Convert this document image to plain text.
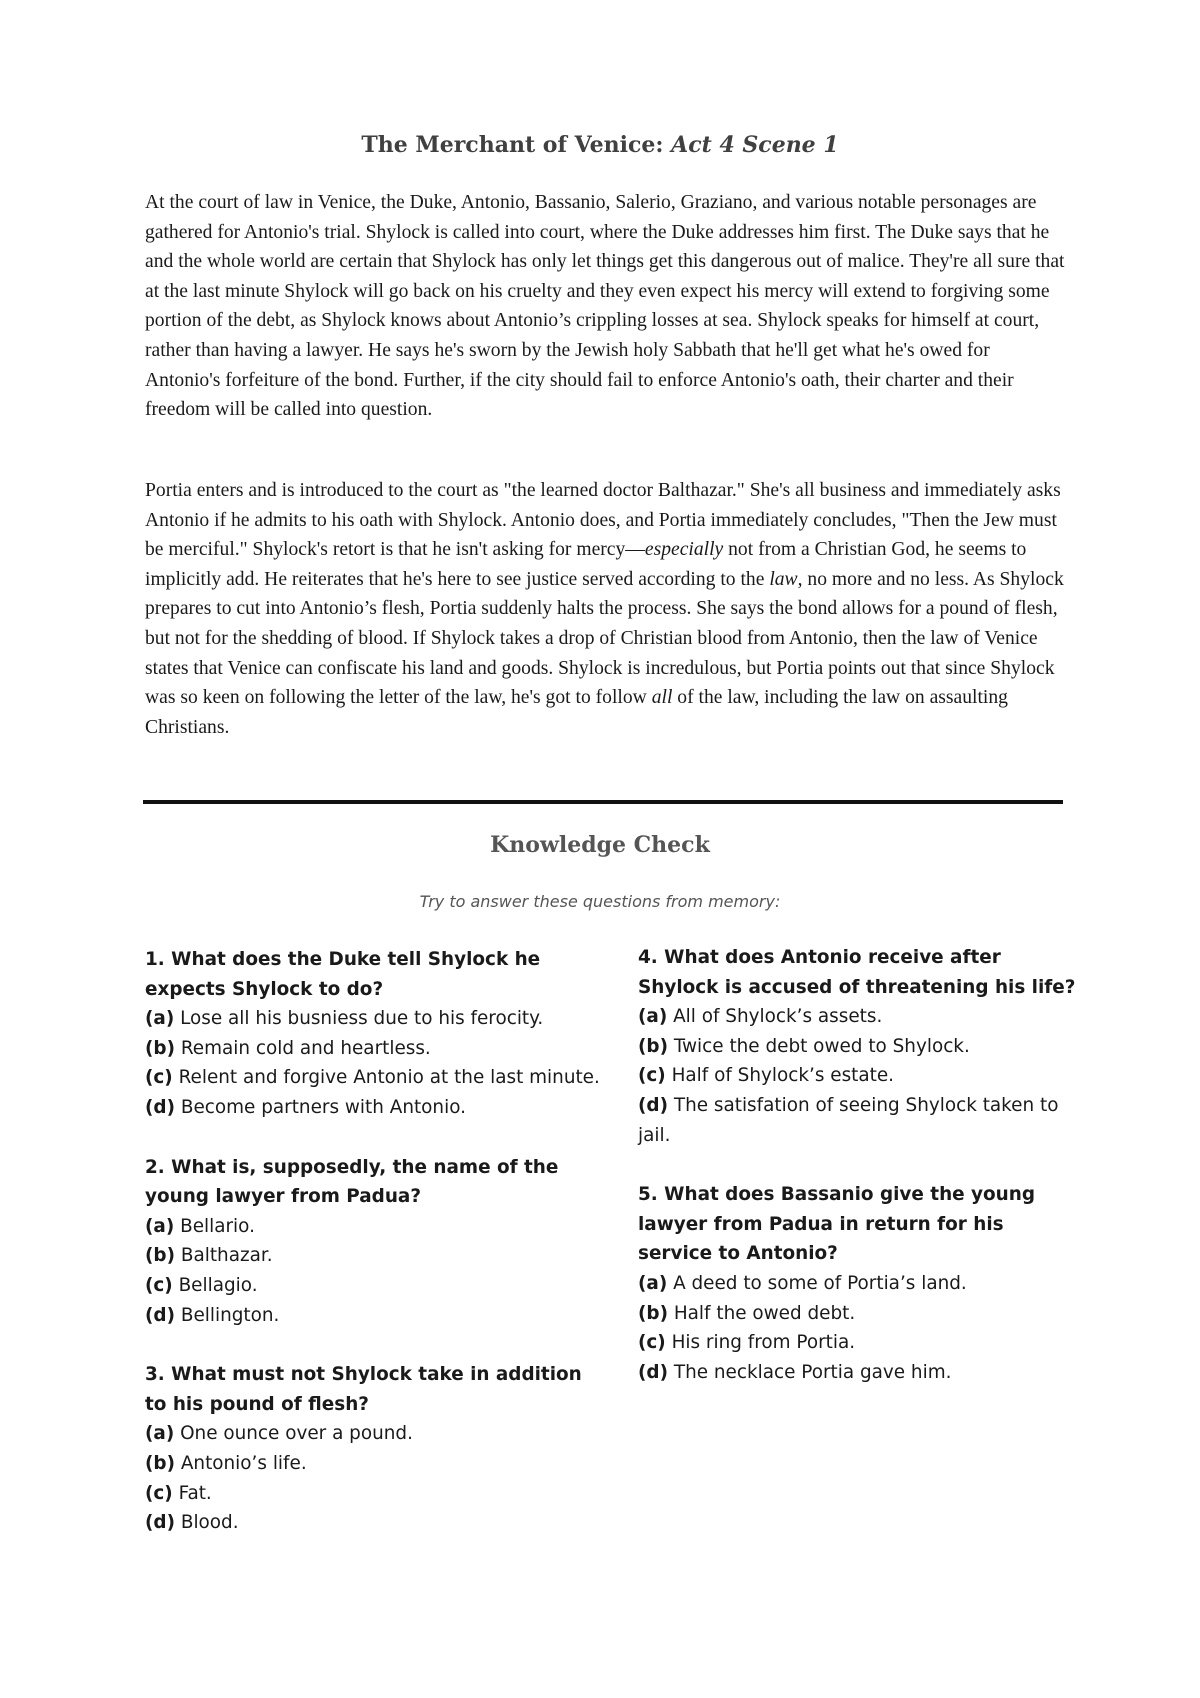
The Merchant of Venice: Act 4 Scene 1

At the court of law in Venice, the Duke, Antonio, Bassanio, Salerio, Graziano, and various notable personages are gathered for Antonio's trial. Shylock is called into court, where the Duke addresses him first. The Duke says that he and the whole world are certain that Shylock has only let things get this dangerous out of malice. They're all sure that at the last minute Shylock will go back on his cruelty and they even expect his mercy will extend to forgiving some portion of the debt, as Shylock knows about Antonio’s crippling losses at sea. Shylock speaks for himself at court, rather than having a lawyer. He says he's sworn by the Jewish holy Sabbath that he'll get what he's owed for Antonio's forfeiture of the bond. Further, if the city should fail to enforce Antonio's oath, their charter and their freedom will be called into question.

Portia enters and is introduced to the court as "the learned doctor Balthazar." She's all business and immediately asks Antonio if he admits to his oath with Shylock. Antonio does, and Portia immediately concludes, "Then the Jew must be merciful." Shylock's retort is that he isn't asking for mercy—especially not from a Christian God, he seems to implicitly add. He reiterates that he's here to see justice served according to the law, no more and no less. As Shylock prepares to cut into Antonio’s flesh, Portia suddenly halts the process. She says the bond allows for a pound of flesh, but not for the shedding of blood. If Shylock takes a drop of Christian blood from Antonio, then the law of Venice states that Venice can confiscate his land and goods. Shylock is incredulous, but Portia points out that since Shylock was so keen on following the letter of the law, he's got to follow all of the law, including the law on assaulting Christians.

Knowledge Check
Try to answer these questions from memory:
1. What does the Duke tell Shylock he expects Shylock to do?
(a) Lose all his busniess due to his ferocity.
(b) Remain cold and heartless.
(c) Relent and forgive Antonio at the last minute.
(d) Become partners with Antonio.
2. What is, supposedly, the name of the young lawyer from Padua?
(a) Bellario.
(b) Balthazar.
(c) Bellagio.
(d) Bellington.
3. What must not Shylock take in addition to his pound of flesh?
(a) One ounce over a pound.
(b) Antonio’s life.
(c) Fat.
(d) Blood.
4. What does Antonio receive after Shylock is accused of threatening his life?
(a) All of Shylock’s assets.
(b) Twice the debt owed to Shylock.
(c) Half of Shylock’s estate.
(d) The satisfation of seeing Shylock taken to jail.
5. What does Bassanio give the young lawyer from Padua in return for his service to Antonio?
(a) A deed to some of Portia’s land.
(b) Half the owed debt.
(c) His ring from Portia.
(d) The necklace Portia gave him.
